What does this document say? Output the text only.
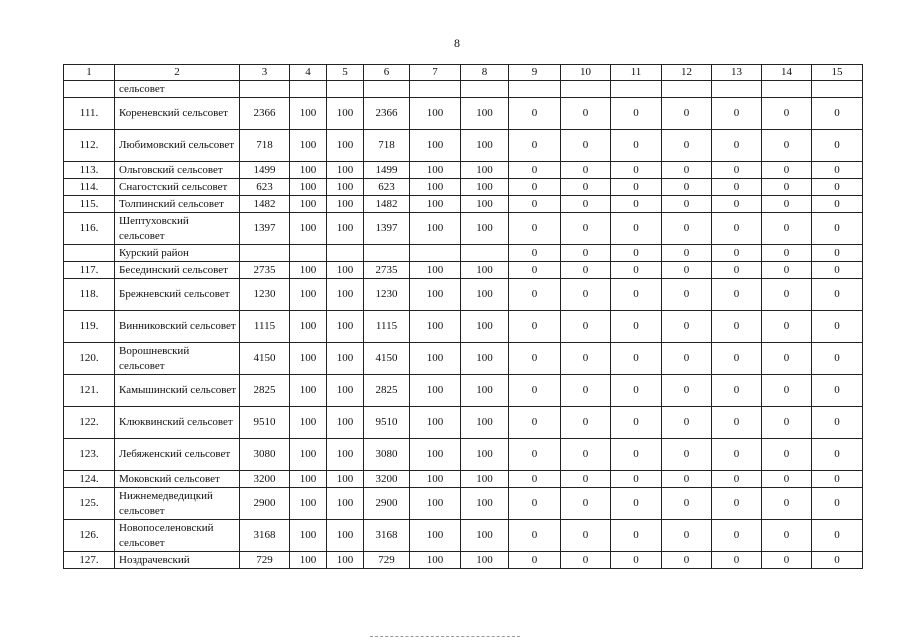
8
1	2	3	4	5	6	7	8	9	10	11	12	13	14	15
	сельсовет													
111.	Кореневский сельсовет	2366	100	100	2366	100	100	0	0	0	0	0	0	0
112.	Любимовский сельсовет	718	100	100	718	100	100	0	0	0	0	0	0	0
113.	Ольговский сельсовет	1499	100	100	1499	100	100	0	0	0	0	0	0	0
114.	Снагостский сельсовет	623	100	100	623	100	100	0	0	0	0	0	0	0
115.	Толпинский сельсовет	1482	100	100	1482	100	100	0	0	0	0	0	0	0
116.	Шептуховский сельсовет	1397	100	100	1397	100	100	0	0	0	0	0	0	0
	Курский район							0	0	0	0	0	0	0
117.	Бесединский сельсовет	2735	100	100	2735	100	100	0	0	0	0	0	0	0
118.	Брежневский сельсовет	1230	100	100	1230	100	100	0	0	0	0	0	0	0
119.	Винниковский сельсовет	1115	100	100	1115	100	100	0	0	0	0	0	0	0
120.	Ворошневский сельсовет	4150	100	100	4150	100	100	0	0	0	0	0	0	0
121.	Камышинский сельсовет	2825	100	100	2825	100	100	0	0	0	0	0	0	0
122.	Клюквинский сельсовет	9510	100	100	9510	100	100	0	0	0	0	0	0	0
123.	Лебяженский сельсовет	3080	100	100	3080	100	100	0	0	0	0	0	0	0
124.	Моковский сельсовет	3200	100	100	3200	100	100	0	0	0	0	0	0	0
125.	Нижнемедведицкий сельсовет	2900	100	100	2900	100	100	0	0	0	0	0	0	0
126.	Новопоселеновский сельсовет	3168	100	100	3168	100	100	0	0	0	0	0	0	0
127.	Ноздрачевский	729	100	100	729	100	100	0	0	0	0	0	0	0
